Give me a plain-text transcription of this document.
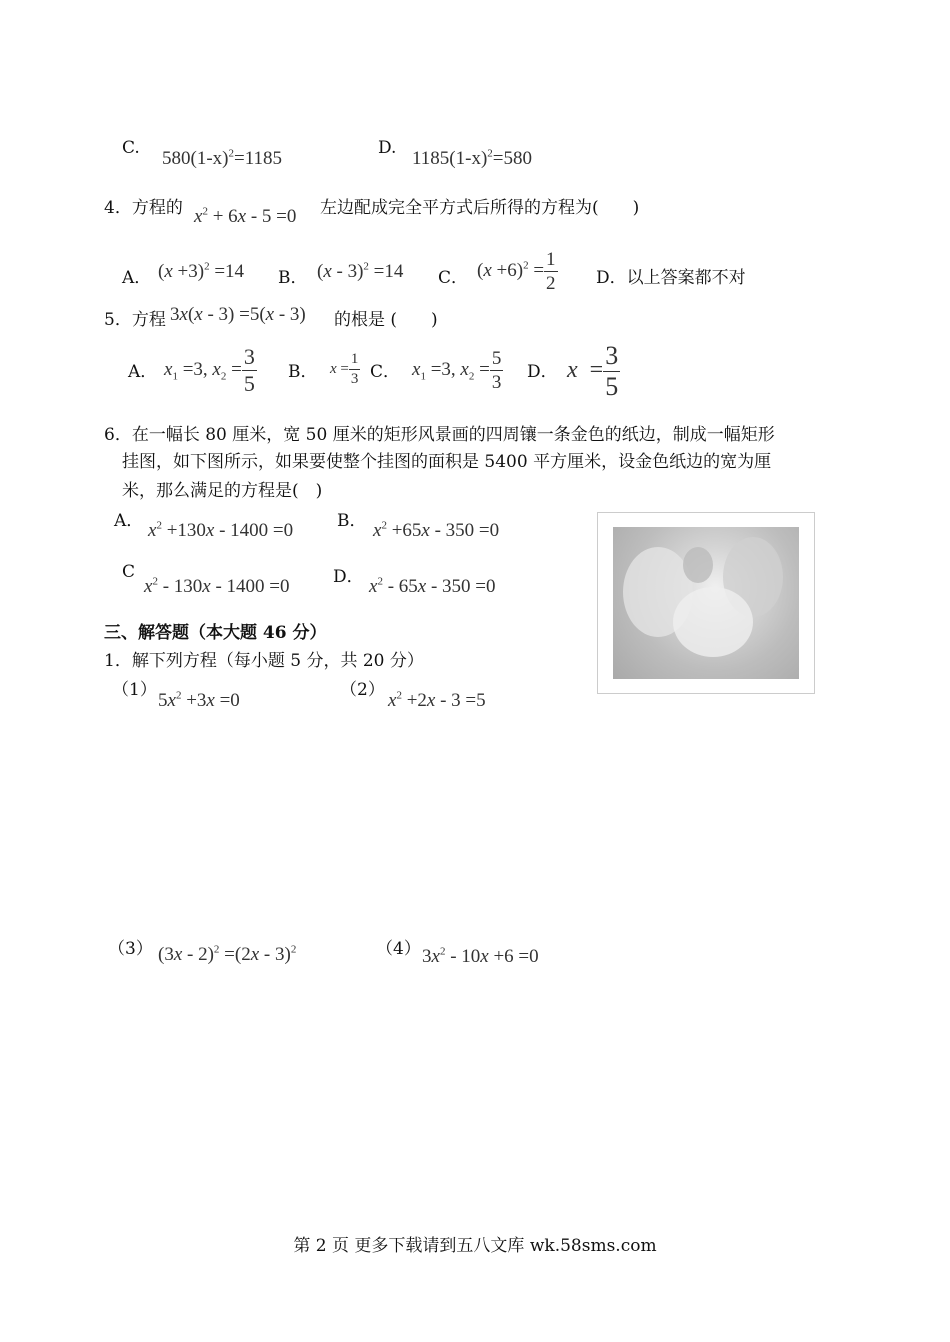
C. $580(1-x)^2=1185$	D. $1185(1-x)^2=580$
4．方程的 $x^2 + 6x - 5 =0$ 左边配成完全平方式后所得的方程为(　　)
A． $(x +3)^2 =14$ B． (x - 3)$^2$ =14 C． $(x +6)^2 = \frac{1}{2}$ D．以上答案都不对
5．方程 3x(x - 3) =5(x - 3) 的根是 (　　)
A． $x_1 =3$, $x_2 = \frac{3}{5}$ B． $x = \frac{1}{3}$ C． $x_1 =3$, $x_2 = \frac{5}{3}$ D． $x = \frac{3}{5}$
6．在一幅长 80 厘米，宽 50 厘米的矩形风景画的四周镶一条金色的纸边，制成一幅矩形
挂图，如下图所示，如果要使整个挂图的面积是 5400 平方厘米，设金色纸边的宽为厘
米，那么满足的方程是(　)
A． $x^2 +130x - 1400 =0$	B． $x^2 +65x - 350 =0$
C
$x^2 - 130x - 1400 =0$	D． $x^2 - 65x - 350 =0$
三、解答题（本大题 46 分）
1．解下列方程（每小题 5 分，共 20 分）
（1） $5x^2 +3x =0$	（2） $x^2 +2x - 3 =5$
（3） (3x - 2)$^2$ =(2x - 3)$^2$	（4） $3x^2 - 10x +6 =0$
第 2 页 更多下载请到五八文库 wk.58sms.com
